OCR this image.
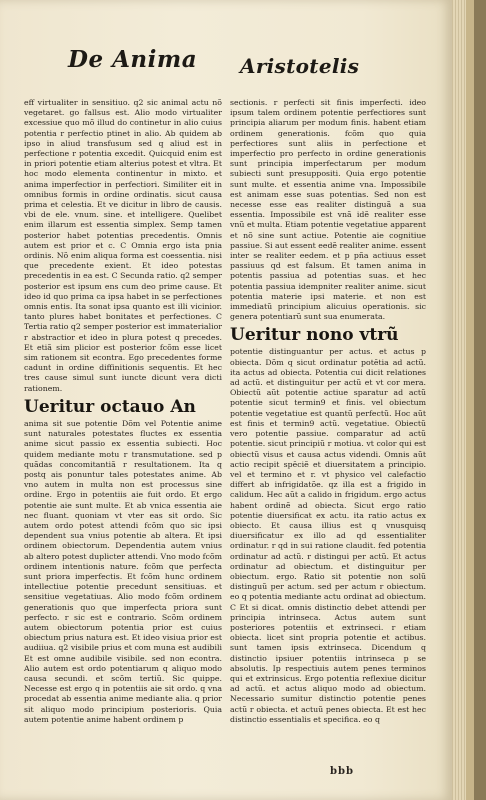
De Anima Aristotelis

eff virtualiter in sensitiuo. q2 sic animal actu nõ vegetaret. go fallsus est. Alio modo virtualiter excessiue quo mõ illud do continetur in alio cuius potentia r perfectio ptinet in alio. Ab quidem ab ipso in aliud transfusum sed q aliud est in perfectione r potentia excedit. Quicquid enim est in priori potentie etiam alterius potest et vltra. Et hoc modo elementa continentur in mixto. et anima imperfectior in perfectiori. Similiter eit in omnibus formis in ordine ordinatis. sicut causa prima et celestia. Et ve dicitur in libro de causis. vbi de ele. vnum. sine. et intelligere. Quelibet enim illarum est essentia simplex. Semp tamen posterior habet potentias precedentis. Omnis autem est prior et c. C Omnia ergo ista pnia ordinis. Nõ enim aliqua forma est coessentia. nisi que precedente exient. Et ideo potestas precedentis in ea est. C Secunda ratio. q2 semper posterior est ipsum ens cum deo prime cause. Et ideo id quo prima ca ipsa habet in se perfectiones omnis entis. Ita sonat ipsa quanto est illi vicinior. tanto plures habet bonitates et perfectiones. C Tertia ratio q2 semper posterior est immaterialior r abstractior et ideo in plura potest q precedes. Et etiã sim plicior est posterior fcõm esse licet sim rationem sit econtra. Ego precedentes forme cadunt in ordine diffinitionis sequentis. Et hec tres cause simul sunt iuncte dicunt vera dicti rationem.

Ueritur octauo An

anima sit sue potentie Dõm vel Potentie anime sunt naturales potestates fluctes ex essentia anime sicut passio ex essentia subiecti. Hoc quidem mediante motu r transmutatione. sed p quãdas concomitantiã r resultationem. Ita q postq ais ponuntur tales potestates anime. Ab vno autem in multa non est processus sine ordine. Ergo in potentiis aie fuit ordo. Et ergo potentie aie sunt multe. Et ab vnica essentia aie nec fluant. quoniam vt vter eas sit ordo. Sic autem ordo potest attendi fcõm quo sic ipsi dependent sua vnius potentie ab altera. Et ipsi ordinem obiectorum. Dependentia autem vnius ab altero potest duplicter attendi. Vno modo fcõm ordinem intentionis nature. fcõm que perfecta sunt priora imperfectis. Et fcõm hunc ordinem intellectiue potentie precedunt sensitiuas. et sensitiue vegetatiuas. Alio modo fcõm ordinem generationis quo que imperfecta priora sunt perfecto. r sic est e contrario. Scõm ordinem autem obiectorum potentia prior est cuius obiectum prius natura est. Et ideo visiua prior est audiiua. q2 visibile prius et com muna est audibili Et est omne audibile visibile. sed non econtra. Alio autem est ordo potentiarum q aliquo modo causa secundi. et scõm tertiũ. Sic quippe. Necesse est ergo q in potentiis aie sit ordo. q vna procedat ab essentia anime mediante alia. q prior sit aliquo modo principium posterioris. Quia autem potentie anime habent ordinem p

sectionis. r perfecti sit finis imperfecti. ideo ipsum talem ordinem potentie perfectiores sunt principia aliarum per modum finis. habent etiam ordinem generationis. fcõm quo quia perfectiores sunt aliis in perfectione et imperfectio pro perfecto in ordine generationis sunt principia imperfectarum per modum subiecti sunt presuppositi. Quia ergo potentie sunt multe. et essentia anime vna. Impossibile est animam esse suas potentias. Sed non est necesse esse eas realiter distinguã a sua essentia. Impossibile est vnã idẽ realiter esse vnũ et multa. Etiam potentie vegetatiue apparent et nõ sine sunt actiue. Potentie aie cognitiue passiue. Si aut essent eedẽ realiter anime. essent inter se realiter eedem. et p pña actiuus esset passiuus qd est falsum. Et tamen anima in potentis passiua ad potentias suas. et hec potentia passiua idempniter realiter anime. sicut potentia materie ipsi materie. et non est immediatũ principium alicuius operationis. sic genera potentiarũ sunt sua enumerata.

Ueritur nono vtrũ

potentie distinguantur per actus. et actus p obiecta. Dõm q sicut ordinatur potētia ad actũ. ita actus ad obiecta. Potentia cui dicit relationes ad actũ. et distinguitur per actũ et vt cor mera. Obiectũ aũt potentie actiue sparatur ad actũ potentie sicut termin9 et finis. vel obiectum potentie vegetatiue est quantũ perfectũ. Hoc aũt est finis et termin9 actũ. vegetatiue. Obiectũ vero potentie passiue. comparatur ad actũ potentie. sicut principiũ r motiua. vt color qui est obiectũ visus et causa actus videndi. Omnis aũt actio recipit spēciẽ et diuersitatem a principio. vel et termino et r. vt physico vel calefactio differt ab infrigidatõe. qz illa est a frigido in calidum. Hec aũt a calido in frigidum. ergo actus habent ordinẽ ad obiecta. Sicut ergo ratio potentie diuersificat ex actu. ita ratio actus ex obiecto. Et causa illius est q vnusquisq diuersificatur ex illo ad qd essentialiter ordinatur. r qd in sui ratione claudit. fed potentia ordinatur ad actũ. r distingui per actũ. Et actus ordinatur ad obiectum. et distinguitur per obiectum. ergo. Ratio sit potentie non solũ distinguũ per actum. sed per actum r obiectum. eo q potentia mediante actu ordinat ad obiectum. C Et si dicat. omnis distinctio debet attendi per principia intrinseca. Actus autem sunt posteriores potentiis et extrinseci. r etiam obiecta. licet sint propria potentie et actibus. sunt tamen ipsis extrinseca. Dicendum q distinctio ipsiuer potentiis intrinseca p se absolutis. Ip respectiuis autem penes terminos qui et extrinsicus. Ergo potentia reflexiue dicitur ad actũ. et actus aliquo modo ad obiectum. Necessario sumitur distinctio potentie penes actũ r obiecta. et actuũ penes obiecta. Et est hec distinctio essentialis et specifica. eo q

bbb
